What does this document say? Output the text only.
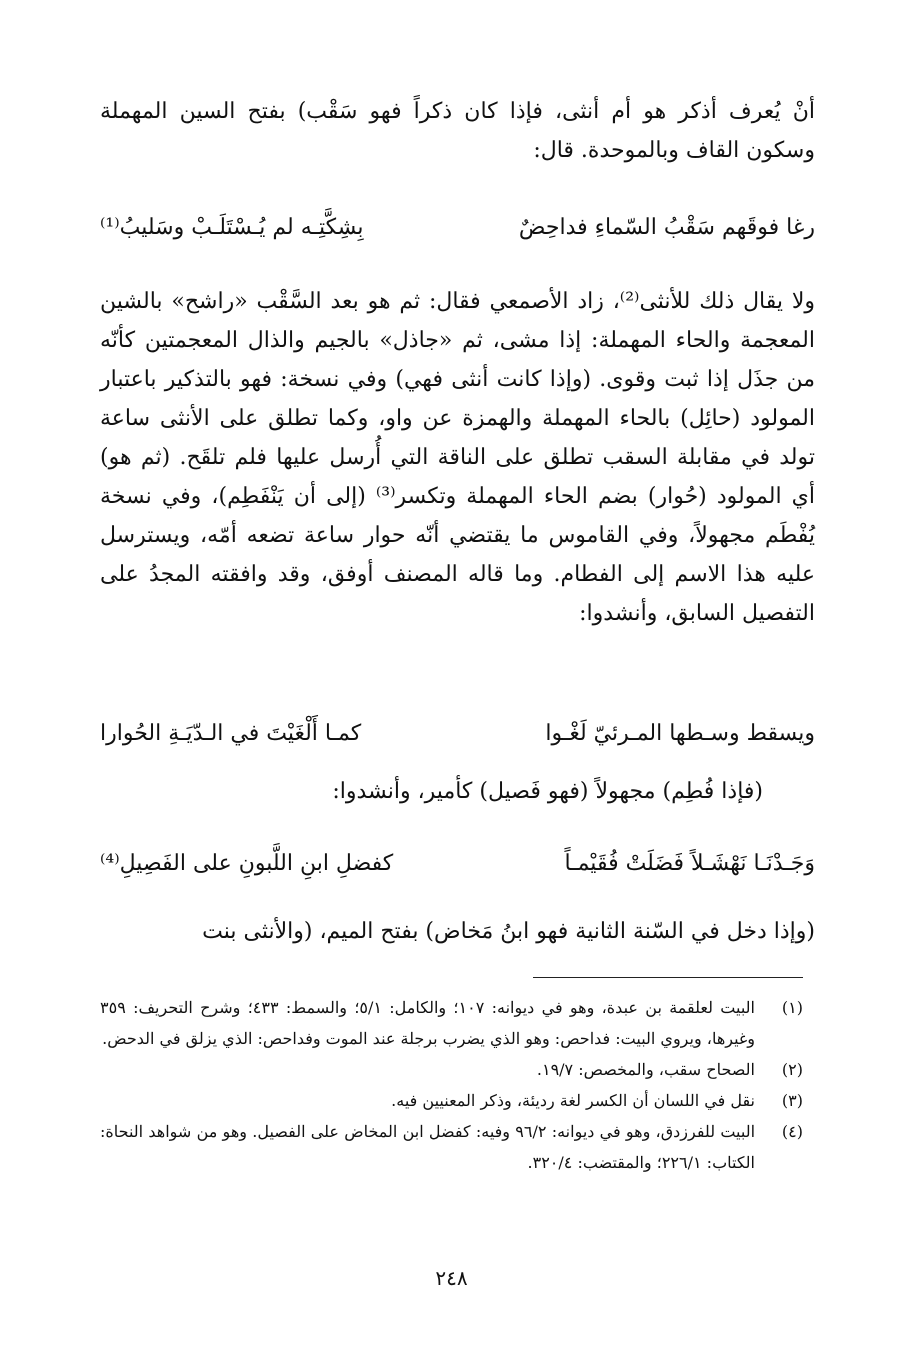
أنْ يُعرف أذكر هو أم أنثى، فإذا كان ذكراً فهو سَقْب) بفتح السين المهملة وسكون القاف وبالموحدة. قال:

رغا فوقَهم سَقْبُ السّماءِ فداحِضٌ
بِشِكَّتِـه لم يُـسْتَلَـبْ وسَليبُ⁽¹⁾

ولا يقال ذلك للأنثى⁽²⁾، زاد الأصمعي فقال: ثم هو بعد السَّقْب «راشح» بالشين المعجمة والحاء المهملة: إذا مشى، ثم «جاذل» بالجيم والذال المعجمتين كأنّه من جذَل إذا ثبت وقوى. (وإذا كانت أنثى فهي) وفي نسخة: فهو بالتذكير باعتبار المولود (حائِل) بالحاء المهملة والهمزة عن واو، وكما تطلق على الأنثى ساعة تولد في مقابلة السقب تطلق على الناقة التي أُرسل عليها فلم تلقَح. (ثم هو) أي المولود (حُوار) بضم الحاء المهملة وتكسر⁽³⁾ (إلى أن يَنْفَطِم)، وفي نسخة يُفْطَم مجهولاً، وفي القاموس ما يقتضي أنّه حوار ساعة تضعه أمّه، ويسترسل عليه هذا الاسم إلى الفطام. وما قاله المصنف أوفق، وقد وافقته المجدُ على التفصيل السابق، وأنشدوا:

ويسقط وسـطها المـرئيّ لَغْـوا
كمـا أَلْغَيْتَ في الـدّيَـةِ الحُوارا

(فإذا فُطِم) مجهولاً (فهو فَصيل) كأمير، وأنشدوا:

وَجَـدْنَـا نَهْشَـلاً فَضَلَتْ فُقَيْمـاً
كفضلِ ابنِ اللَّبونِ على الفَصِيلِ⁽⁴⁾

(وإذا دخل في السّنة الثانية فهو ابنُ مَخاض) بفتح الميم، (والأنثى بنت

(١)
البيت لعلقمة بن عبدة، وهو في ديوانه: ١٠٧؛ والكامل: ٥/١؛ والسمط: ٤٣٣؛ وشرح التحريف: ٣٥٩ وغيرها، ويروي البيت: فداحص: وهو الذي يضرب برجلة عند الموت وفداحص: الذي يزلق في الدحض.
(٢)
الصحاح سقب، والمخصص: ١٩/٧.
(٣)
نقل في اللسان أن الكسر لغة رديئة، وذكر المعنيين فيه.
(٤)
البيت للفرزدق، وهو في ديوانه: ٩٦/٢ وفيه: كفضل ابن المخاض على الفصيل. وهو من شواهد النحاة: الكتاب: ٢٢٦/١؛ والمقتضب: ٣٢٠/٤.
٢٤٨
